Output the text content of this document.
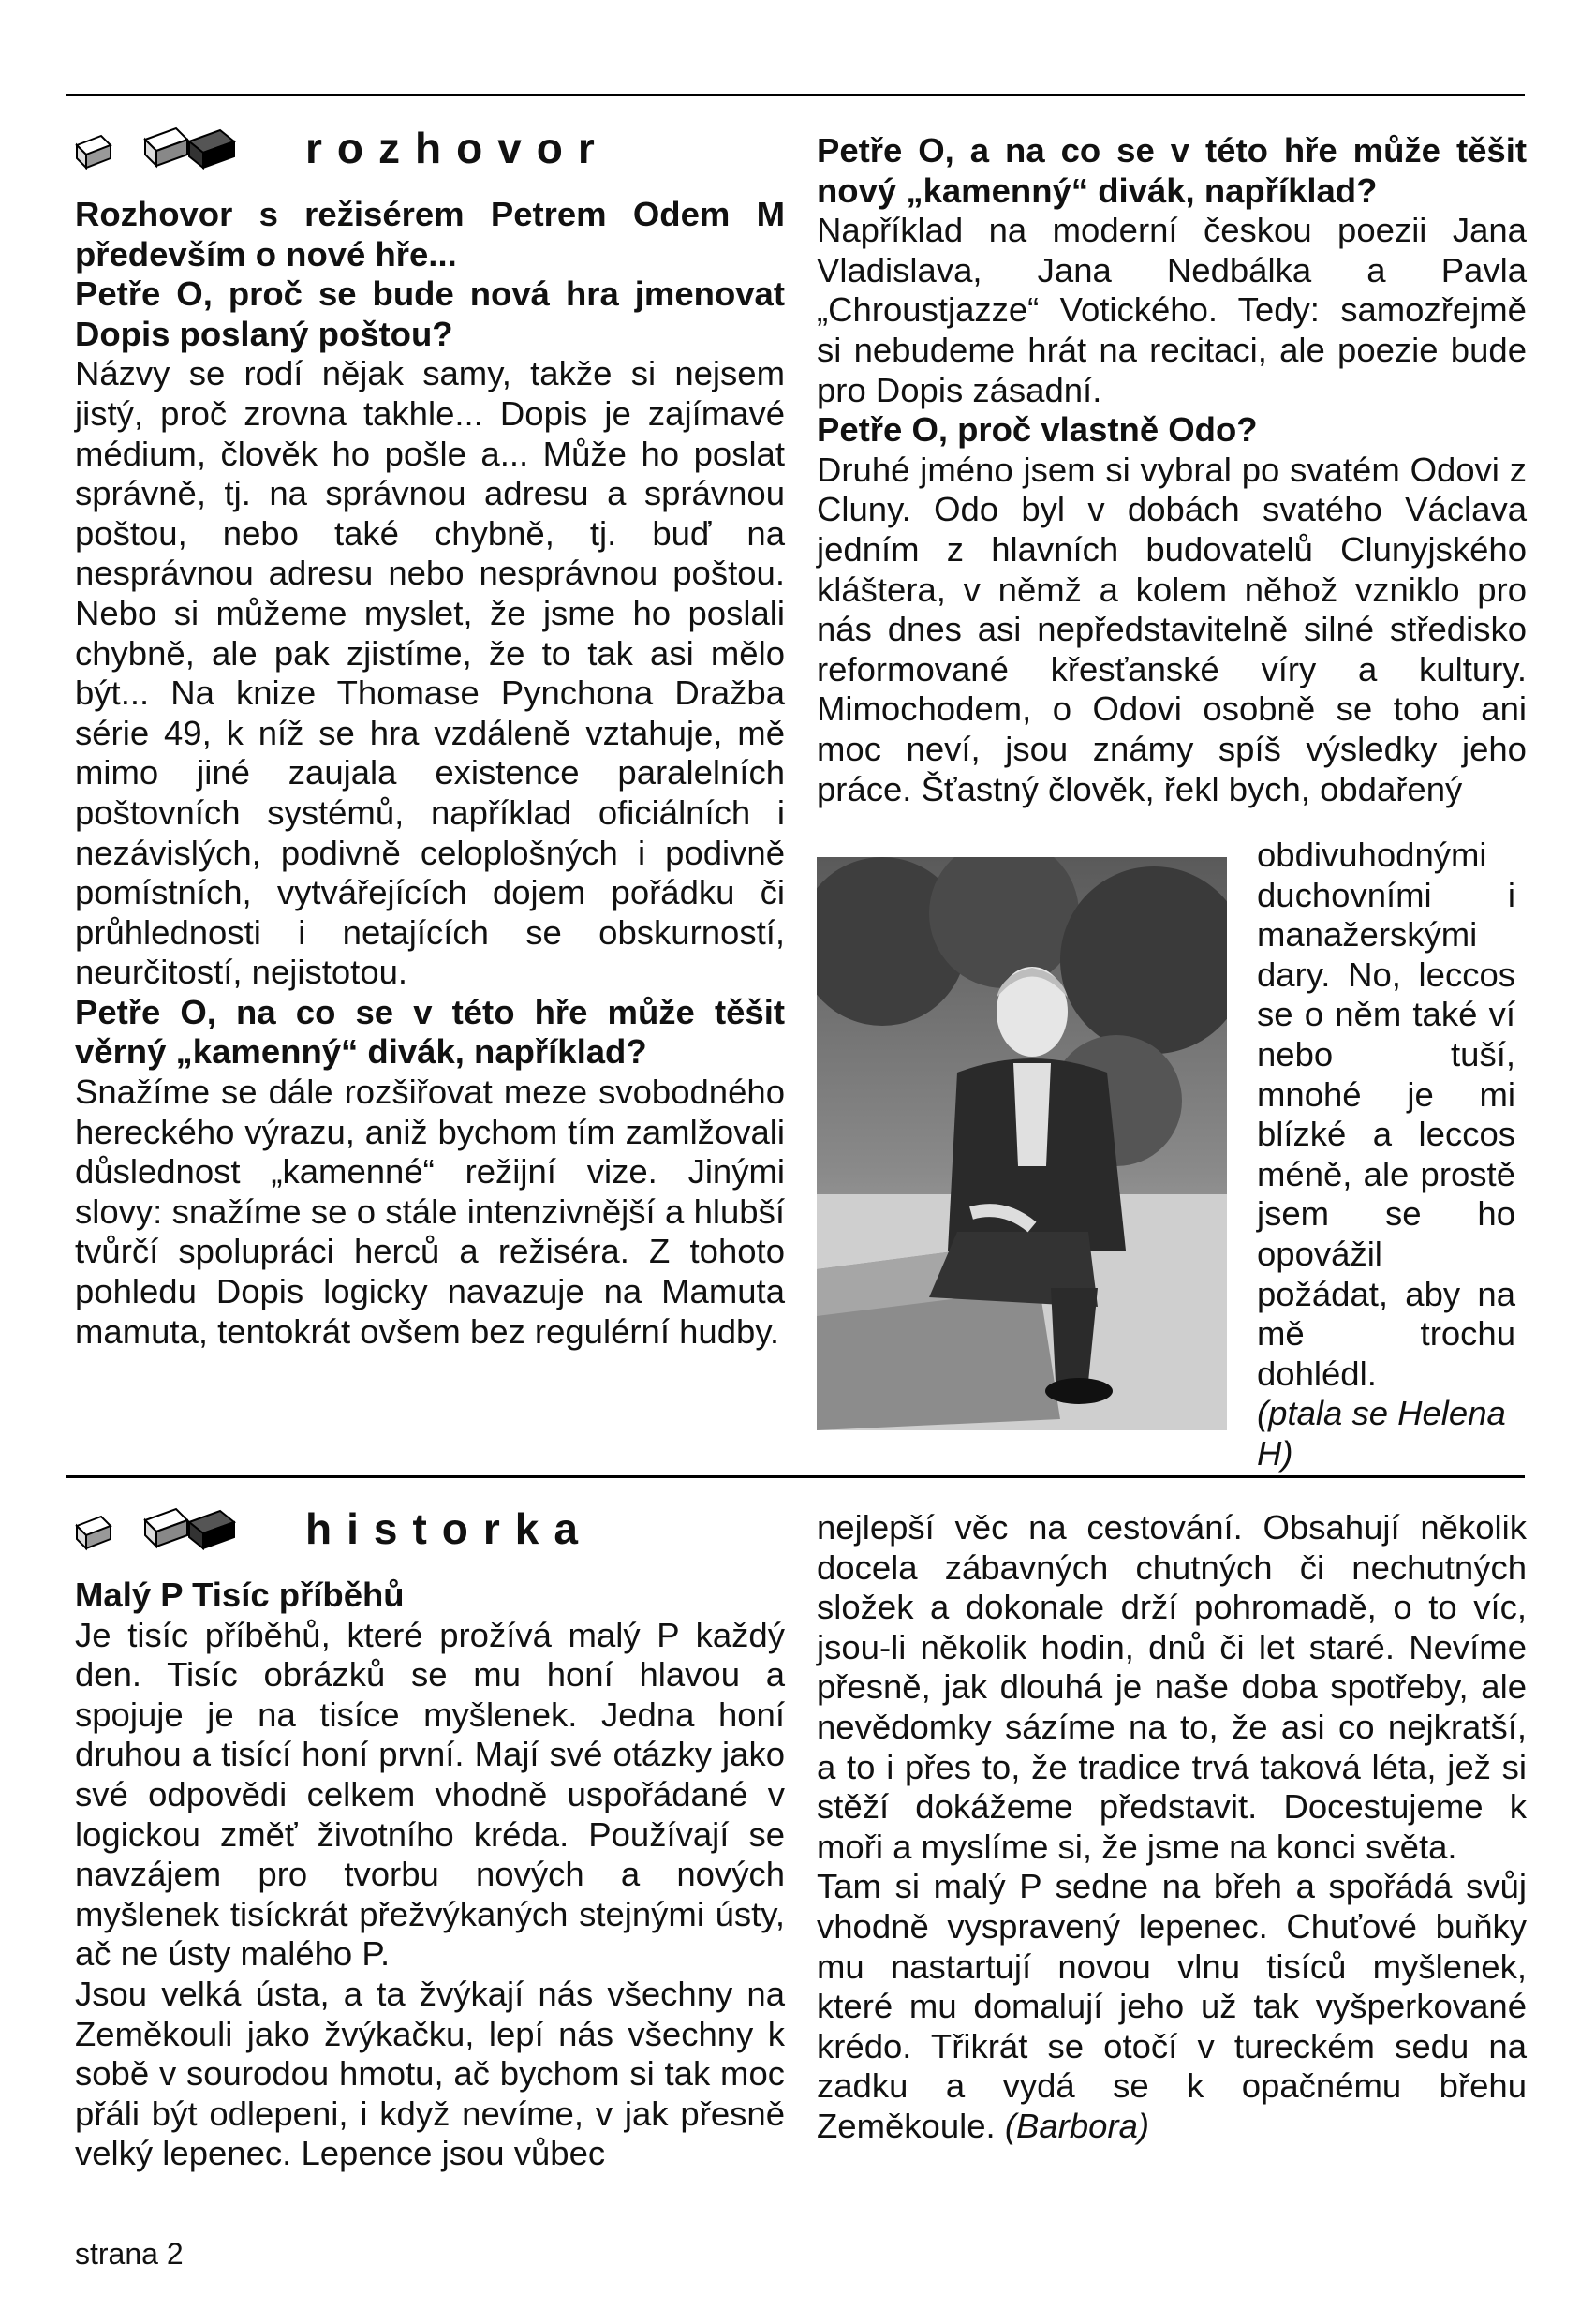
rozhovor

Rozhovor s režisérem Petrem Odem M především o nové hře...

Petře O, proč se bude nová hra jmenovat Dopis poslaný poštou?

Názvy se rodí nějak samy, takže si nejsem jistý, proč zrovna takhle... Dopis je zajímavé médium, člověk ho pošle a... Může ho poslat správně, tj. na správnou adresu a správnou poštou, nebo také chybně, tj. buď na nesprávnou adresu nebo nesprávnou poštou. Nebo si můžeme myslet, že jsme ho poslali chybně, ale pak zjistíme, že to tak asi mělo být... Na knize Thomase Pynchona Dražba série 49, k níž se hra vzdáleně vztahuje, mě mimo jiné zaujala existence paralelních poštovních systémů, například oficiálních i nezávislých, podivně celoplošných i podivně pomístních, vytvářejících dojem pořádku či průhlednosti i netajících se obskurností, neurčitostí, nejistotou.

Petře O, na co se v této hře může těšit věrný „kamenný“ divák, například?

Snažíme se dále rozšiřovat meze svobodného hereckého výrazu, aniž bychom tím zamlžovali důslednost „kamenné“ režijní vize. Jinými slovy: snažíme se o stále intenzivnější a hlubší tvůrčí spolupráci herců a režiséra. Z tohoto pohledu Dopis logicky navazuje na Mamuta mamuta, tentokrát ovšem bez regulérní hudby.

Petře O, a na co se v této hře může těšit nový „kamenný“ divák, například?

Například na moderní českou poezii Jana Vladislava, Jana Nedbálka a Pavla „Chroustjazze“ Votického. Tedy: samozřejmě si nebudeme hrát na recitaci, ale poezie bude pro Dopis zásadní.

Petře O, proč vlastně Odo?

Druhé jméno jsem si vybral po svatém Odovi z Cluny. Odo byl v dobách svatého Václava jedním z hlavních budovatelů Clunyjského kláštera, v němž a kolem něhož vzniklo pro nás dnes asi nepředstavitelně silné středisko reformované křesťanské víry a kultury. Mimochodem, o Odovi osobně se toho ani moc neví, jsou známy spíš výsledky jeho práce. Šťastný člověk, řekl bych, obdařený

obdivuhodnými duchovními i manažerskými dary. No, leccos se o něm také ví nebo tuší, mnohé je mi blízké a leccos méně, ale prostě jsem se ho opovážil požádat, aby na mě trochu dohlédl.

(ptala se Helena H)

historka

Malý P Tisíc příběhů

Je tisíc příběhů, které prožívá malý P každý den. Tisíc obrázků se mu honí hlavou a spojuje je na tisíce myšlenek. Jedna honí druhou a tisící honí první. Mají své otázky jako své odpovědi celkem vhodně uspořádané v logickou změť životního kréda. Používají se navzájem pro tvorbu nových a nových myšlenek tisíckrát přežvýkaných stejnými ústy, ač ne ústy malého P.

Jsou velká ústa, a ta žvýkají nás všechny na Zeměkouli jako žvýkačku, lepí nás všechny k sobě v sourodou hmotu, ač bychom si tak moc přáli být odlepeni, i když nevíme, v jak přesně velký lepenec. Lepence jsou vůbec

nejlepší věc na cestování. Obsahují několik docela zábavných chutných či nechutných složek a dokonale drží pohromadě, o to víc, jsou-li několik hodin, dnů či let staré. Nevíme přesně, jak dlouhá je naše doba spotřeby, ale nevědomky sázíme na to, že asi co nejkratší, a to i přes to, že tradice trvá taková léta, jež si stěží dokážeme představit. Docestujeme k moři a myslíme si, že jsme na konci světa.

Tam si malý P sedne na břeh a spořádá svůj vhodně vyspravený lepenec. Chuťové buňky mu nastartují novou vlnu tisíců myšlenek, které mu domalují jeho už tak vyšperkované krédo. Třikrát se otočí v tureckém sedu na zadku a vydá se k opačnému břehu Zeměkoule. (Barbora)

strana 2
